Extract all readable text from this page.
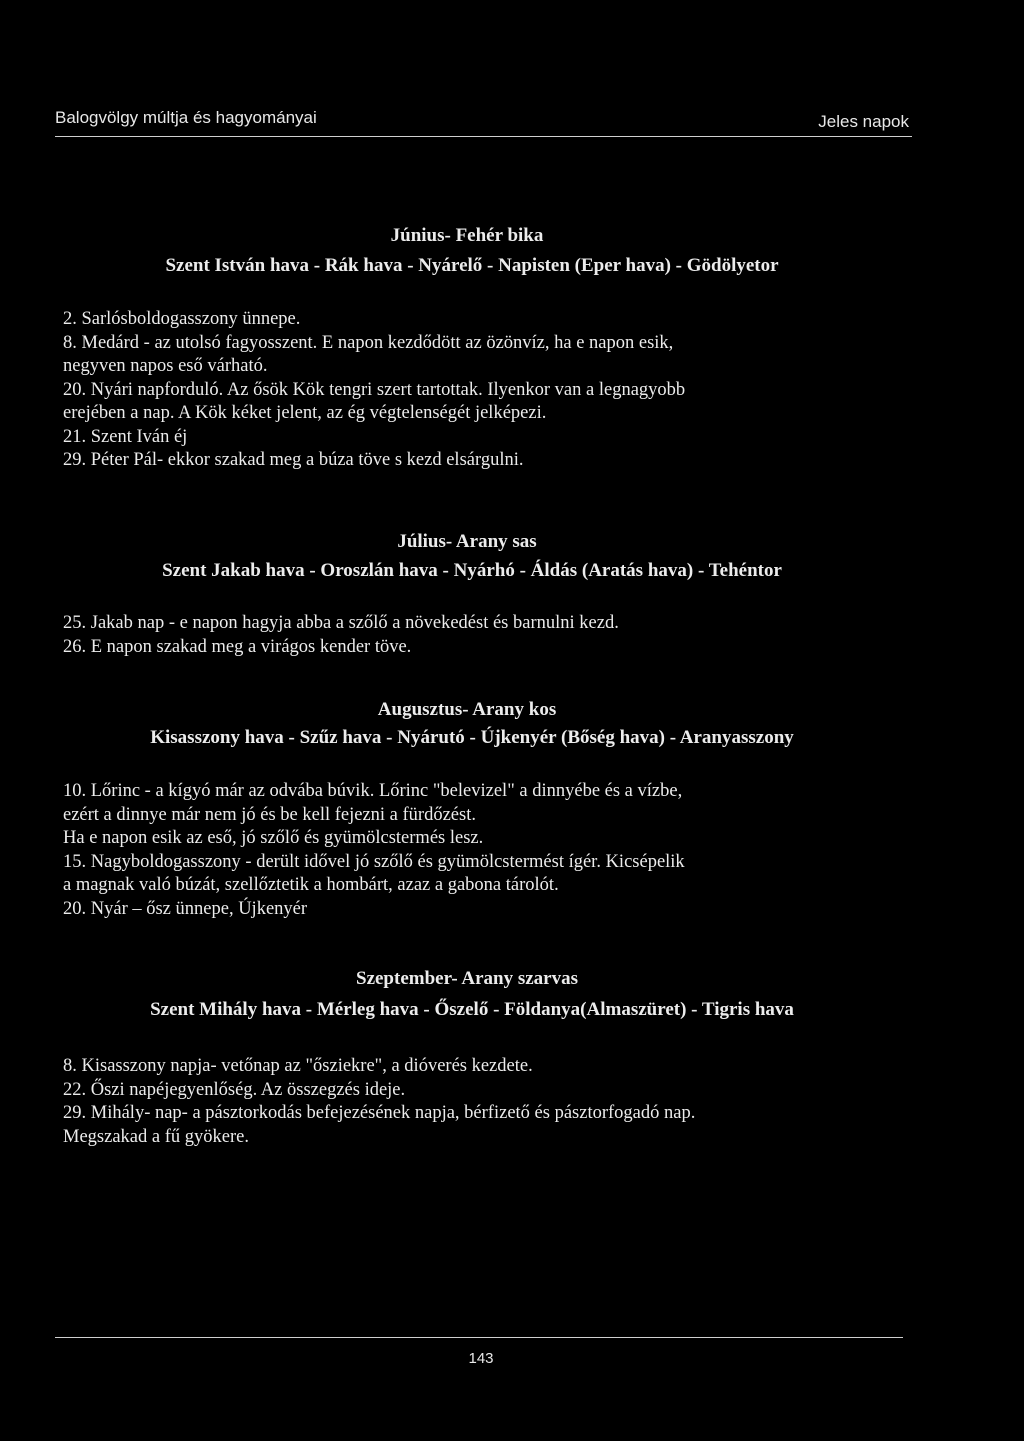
Balogvölgy múltja és hagyományai	Jeles napok
Június- Fehér bika
Szent István hava - Rák hava - Nyárelő - Napisten (Eper hava) - Gödölyetor
2. Sarlósboldogasszony ünnepe.
8. Medárd - az utolsó fagyosszent. E napon kezdődött az özönvíz, ha e napon esik,
negyven napos eső várható.
20. Nyári napforduló. Az ősök Kök tengri szert tartottak. Ilyenkor van a legnagyobb
erejében a nap. A Kök kéket jelent, az ég végtelenségét jelképezi.
21. Szent Iván éj
29. Péter Pál- ekkor szakad meg a búza töve s kezd elsárgulni.
Július- Arany sas
Szent Jakab hava - Oroszlán hava - Nyárhó - Áldás (Aratás hava) - Tehéntor
25. Jakab nap - e napon hagyja abba a szőlő a növekedést és barnulni kezd.
26. E napon szakad meg a virágos kender töve.
Augusztus- Arany kos
Kisasszony hava - Szűz hava - Nyárutó - Újkenyér (Bőség hava) - Aranyasszony
10. Lőrinc - a kígyó már az odvába búvik. Lőrinc "belevizel" a dinnyébe és a vízbe,
ezért a dinnye már nem jó és be kell fejezni a fürdőzést.
Ha e napon esik az eső, jó szőlő és gyümölcstermés lesz.
15. Nagyboldogasszony - derült idővel jó szőlő és gyümölcstermést ígér. Kicsépelik
a magnak való búzát, szellőztetik a hombárt, azaz a gabona tárolót.
20. Nyár – ősz ünnepe, Újkenyér
Szeptember- Arany szarvas
Szent Mihály hava - Mérleg hava - Őszelő - Földanya(Almaszüret) - Tigris hava
8. Kisasszony napja- vetőnap az "ősziekre", a dióverés kezdete.
22. Őszi napéjegyenlőség. Az összegzés ideje.
29. Mihály- nap- a pásztorkodás befejezésének napja, bérfizető és pásztorfogadó nap.
Megszakad a fű gyökere.
143
